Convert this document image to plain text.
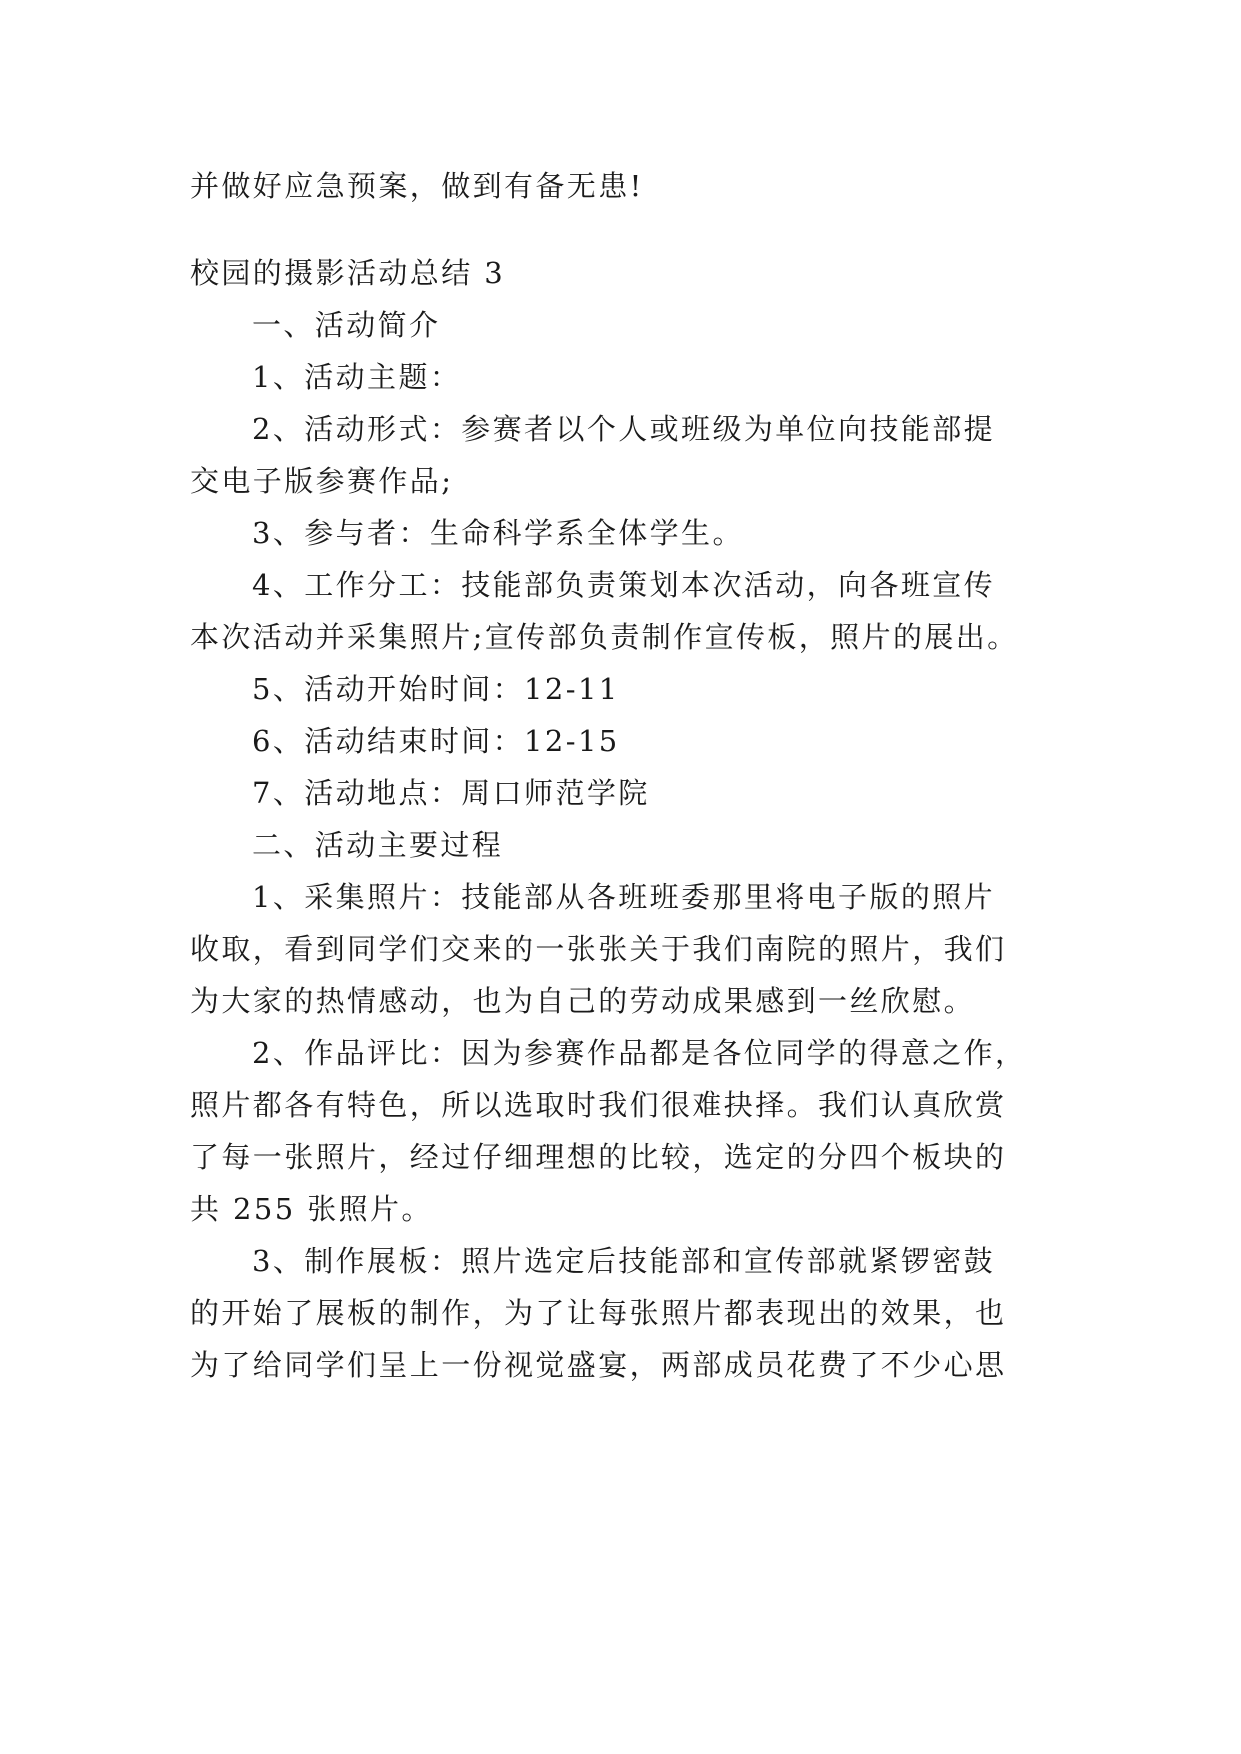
并做好应急预案，做到有备无患!
校园的摄影活动总结 3
一、活动简介
1、活动主题：
2、活动形式：参赛者以个人或班级为单位向技能部提
交电子版参赛作品;
3、参与者：生命科学系全体学生。
4、工作分工：技能部负责策划本次活动，向各班宣传
本次活动并采集照片;宣传部负责制作宣传板，照片的展出。
5、活动开始时间：12-11
6、活动结束时间：12-15
7、活动地点：周口师范学院
二、活动主要过程
1、采集照片：技能部从各班班委那里将电子版的照片
收取，看到同学们交来的一张张关于我们南院的照片，我们
为大家的热情感动，也为自己的劳动成果感到一丝欣慰。
2、作品评比：因为参赛作品都是各位同学的得意之作，
照片都各有特色，所以选取时我们很难抉择。我们认真欣赏
了每一张照片，经过仔细理想的比较，选定的分四个板块的
共 255 张照片。
3、制作展板：照片选定后技能部和宣传部就紧锣密鼓
的开始了展板的制作，为了让每张照片都表现出的效果，也
为了给同学们呈上一份视觉盛宴，两部成员花费了不少心思
